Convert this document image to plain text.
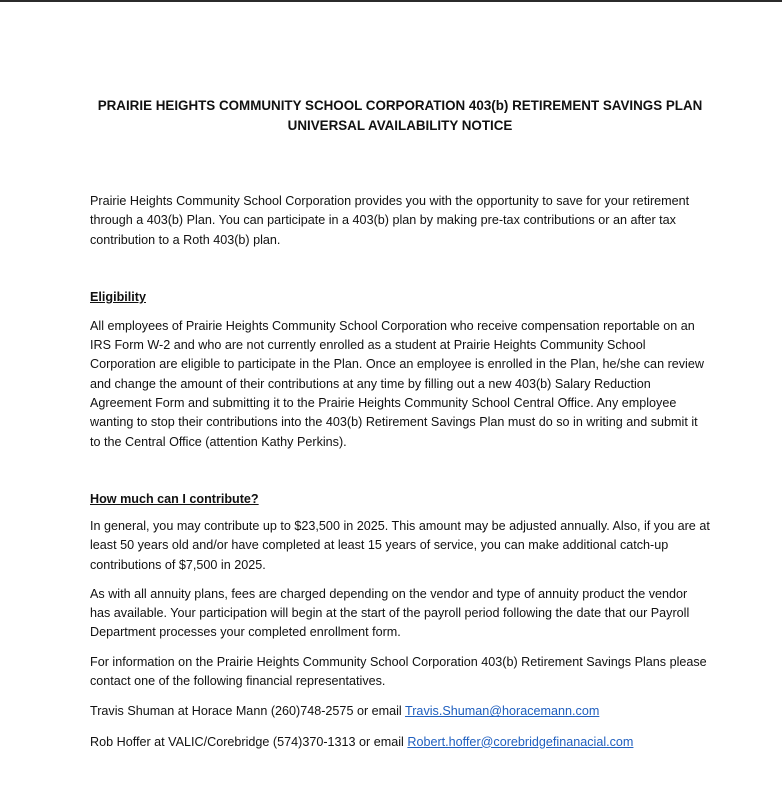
PRAIRIE HEIGHTS COMMUNITY SCHOOL CORPORATION 403(b) RETIREMENT SAVINGS PLAN
UNIVERSAL AVAILABILITY NOTICE

Prairie Heights Community School Corporation provides you with the opportunity to save for your retirement through a 403(b) Plan. You can participate in a 403(b) plan by making pre-tax contributions or an after tax contribution to a Roth 403(b) plan.

Eligibility

All employees of Prairie Heights Community School Corporation who receive compensation reportable on an IRS Form W-2 and who are not currently enrolled as a student at Prairie Heights Community School Corporation are eligible to participate in the Plan. Once an employee is enrolled in the Plan, he/she can review and change the amount of their contributions at any time by filling out a new 403(b) Salary Reduction Agreement Form and submitting it to the Prairie Heights Community School Central Office. Any employee wanting to stop their contributions into the 403(b) Retirement Savings Plan must do so in writing and submit it to the Central Office (attention Kathy Perkins).

How much can I contribute?

In general, you may contribute up to $23,500 in 2025. This amount may be adjusted annually. Also, if you are at least 50 years old and/or have completed at least 15 years of service, you can make additional catch-up contributions of $7,500 in 2025.

As with all annuity plans, fees are charged depending on the vendor and type of annuity product the vendor has available. Your participation will begin at the start of the payroll period following the date that our Payroll Department processes your completed enrollment form.

For information on the Prairie Heights Community School Corporation 403(b) Retirement Savings Plans please contact one of the following financial representatives.

Travis Shuman at Horace Mann (260)748-2575 or email Travis.Shuman@horacemann.com

Rob Hoffer at VALIC/Corebridge (574)370-1313 or email Robert.hoffer@corebridgefinanacial.com
